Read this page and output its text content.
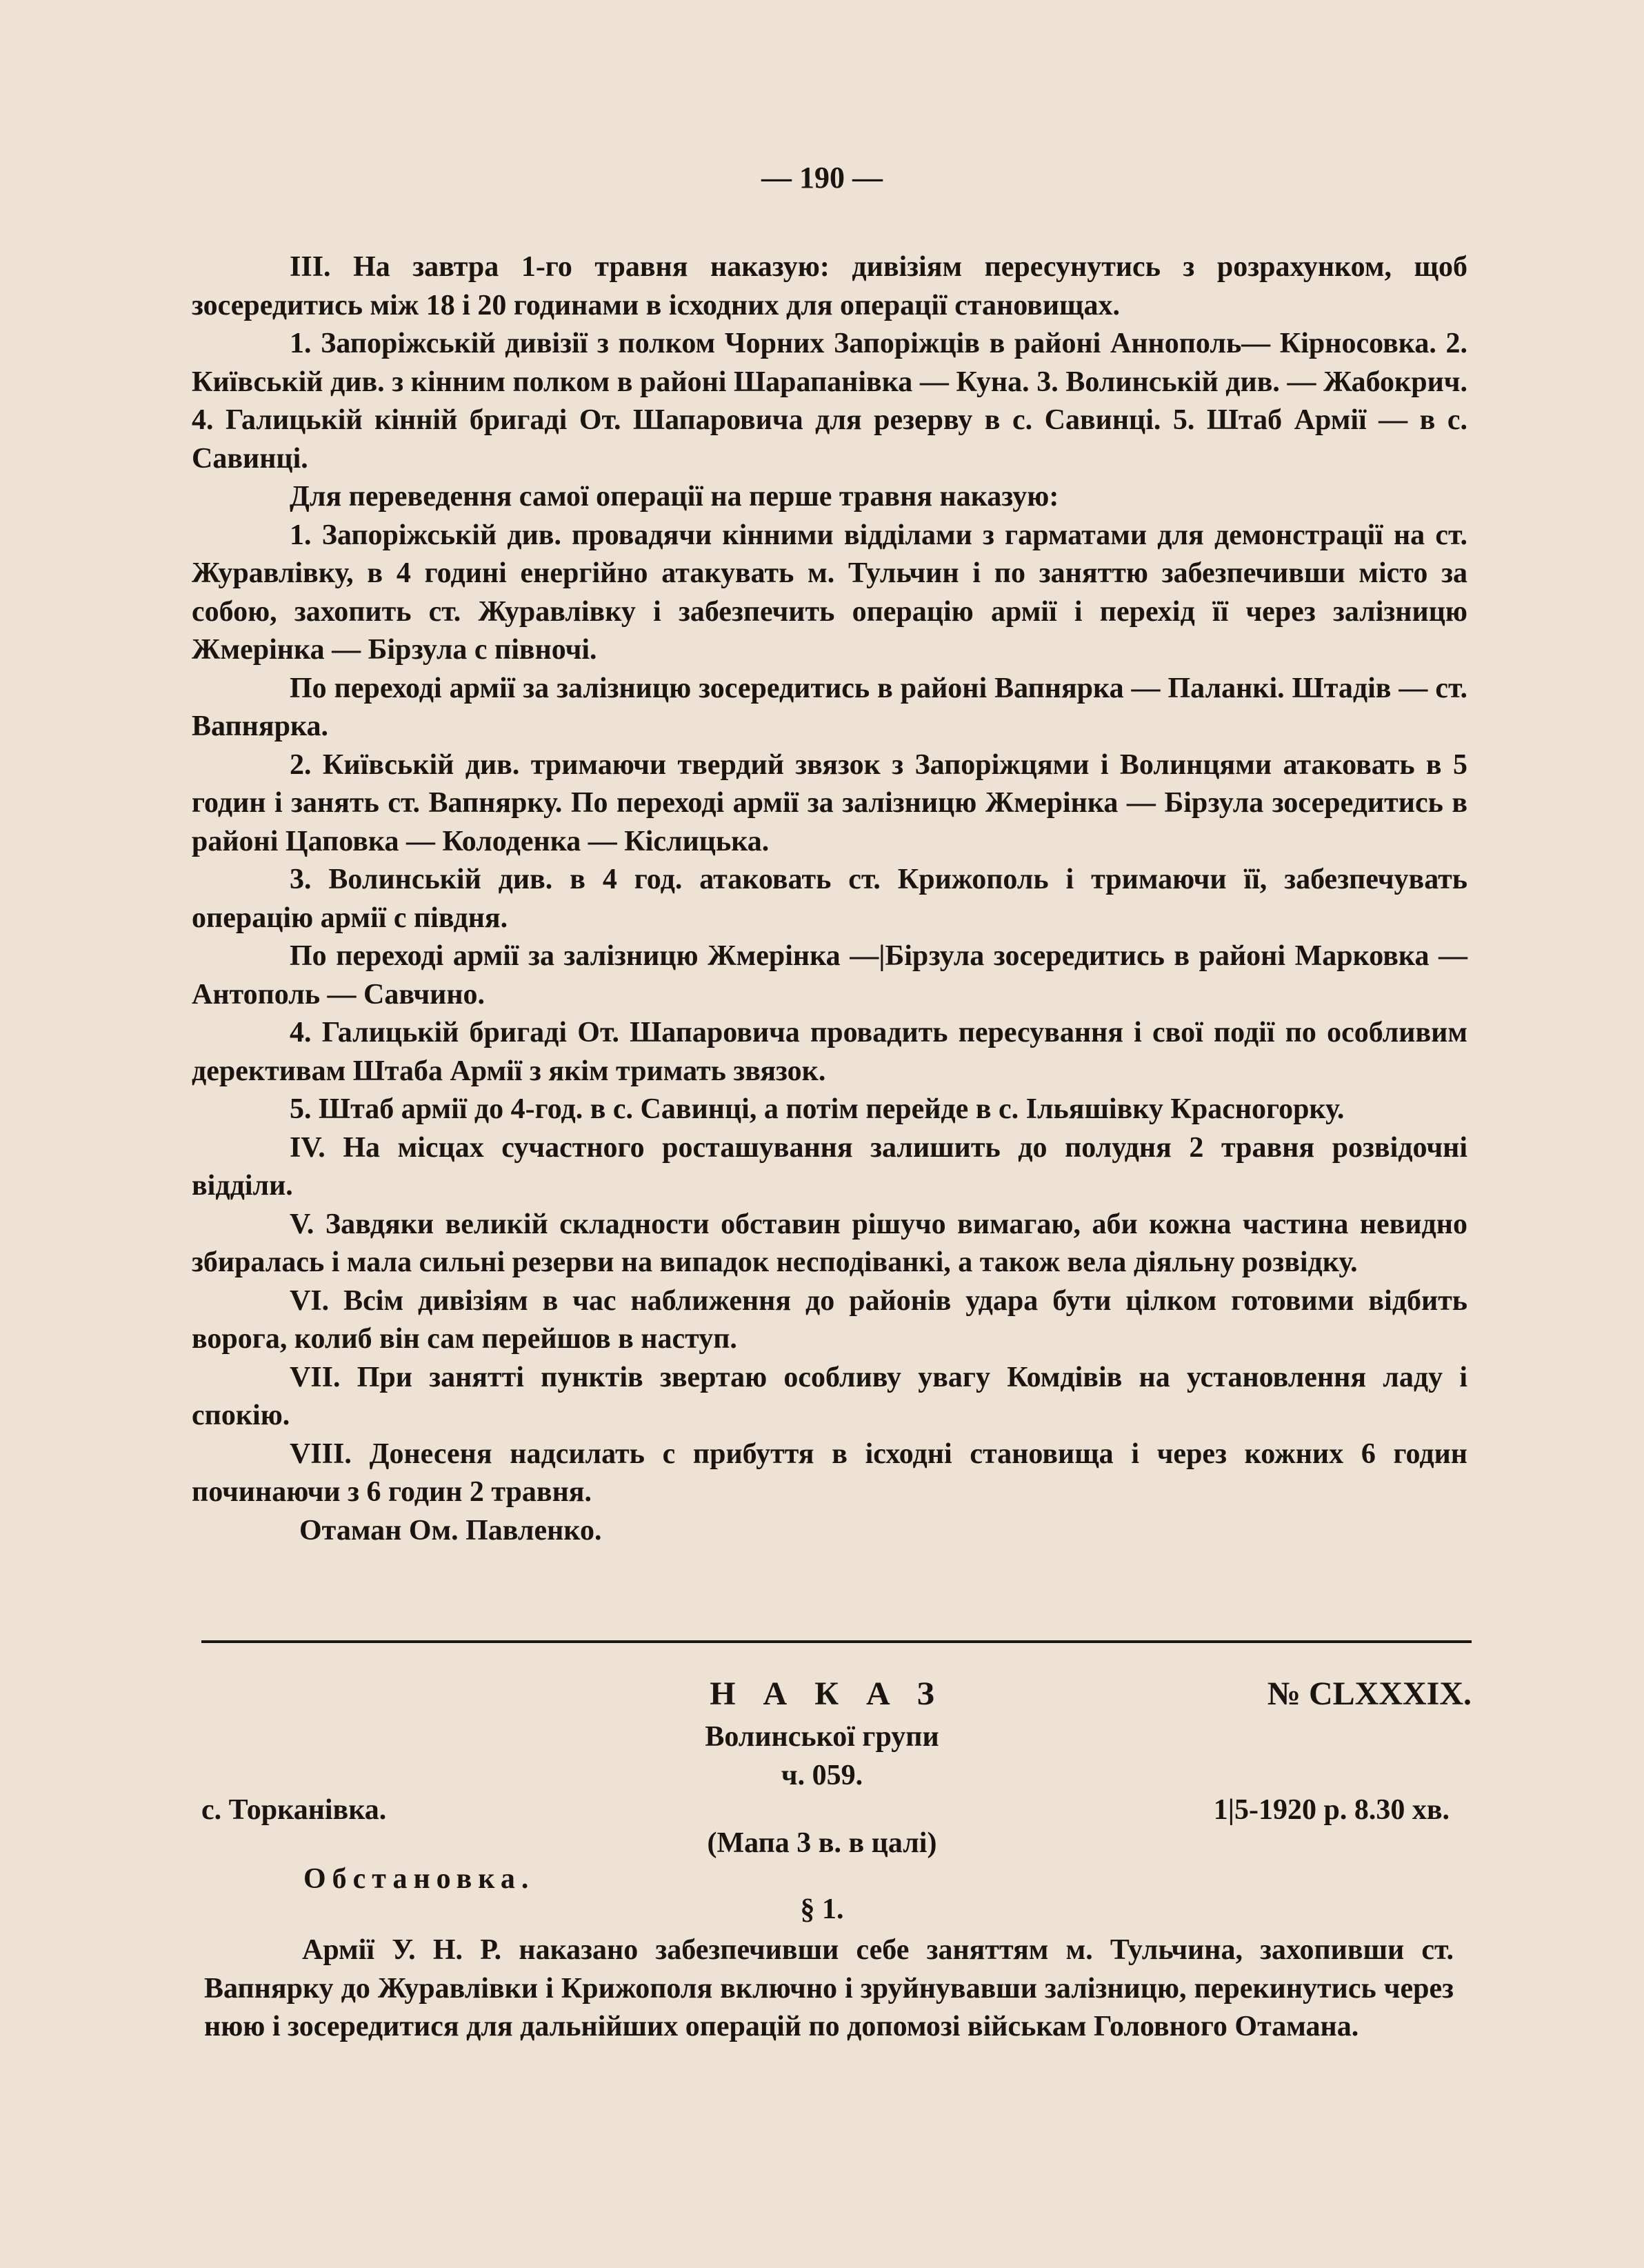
— 190 —

III. На завтра 1-го травня наказую: дивізіям пересунутись з розрахунком, щоб зосередитись між 18 і 20 годинами в ісходних для операції становищах.

1. Запоріжській дивізії з полком Чорних Запоріжців в районі Аннополь— Кірносовка. 2. Київській див. з кінним полком в районі Шарапанівка — Куна. 3. Волинській див. — Жабокрич. 4. Галицькій кінній бригаді От. Шапаровича для резерву в с. Савинці. 5. Штаб Армії — в с. Савинці.

Для переведення самої операції на перше травня наказую:

1. Запоріжській див. провадячи кінними відділами з гарматами для демонстрації на ст. Журавлівку, в 4 годині енергійно атакувать м. Тульчин і по заняттю забезпечивши місто за собою, захопить ст. Журавлівку і забезпечить операцію армії і перехід її через залізницю Жмерінка — Бірзула с півночі.

По переході армії за залізницю зосередитись в районі Вапнярка — Паланкі. Штадів — ст. Вапнярка.

2. Київській див. тримаючи твердий звязок з Запоріжцями і Волинцями атаковать в 5 годин і занять ст. Вапнярку. По переході армії за залізницю Жмерінка — Бірзула зосередитись в районі Цаповка — Колоденка — Кіслицька.

3. Волинській див. в 4 год. атаковать ст. Крижополь і тримаючи її, забезпечувать операцію армії с півдня.

По переході армії за залізницю Жмерінка —|Бірзула зосередитись в районі Марковка — Антополь — Савчино.

4. Галицькій бригаді От. Шапаровича провадить пересування і свої події по особливим дерективам Штаба Армії з якім тримать звязок.

5. Штаб армії до 4-год. в с. Савинці, а потім перейде в с. Ільяшівку Красногорку.

IV. На місцах сучастного росташування залишить до полудня 2 травня розвідочні відділи.

V. Завдяки великій складности обставин рішучо вимагаю, аби кожна частина невидно збиралась і мала сильні резерви на випадок несподіванкі, а також вела діяльну розвідку.

VI. Всім дивізіям в час наближення до районів удара бути цілком готовими відбить ворога, колиб він сам перейшов в наступ.

VII. При занятті пунктів звертаю особливу увагу Комдівів на установлення ладу і спокію.

VIII. Донесеня надсилать с прибуття в ісходні становища і через кожних 6 годин починаючи з 6 годин 2 травня.

Отаман Ом. Павленко.

НАКАЗ	№ CLXXXIX.
Волинської групи
ч. 059.
с. Торканівка.	1|5-1920 р. 8.30 хв.
(Мапа 3 в. в цалі)
Обстановка.
§ 1.

Армії У. Н. Р. наказано забезпечивши себе заняттям м. Тульчина, захопивши ст. Вапнярку до Журавлівки і Крижополя включно і зруйнувавши залізницю, перекинутись через нюю і зосередитися для дальнійших операцій по допомозі військам Головного Отамана.
